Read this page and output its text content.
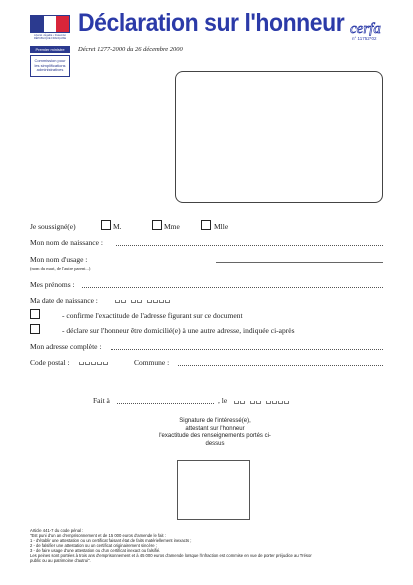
Liberté • Égalité • Fraternité RÉPUBLIQUE FRANÇAISE
Premier ministre
Commission pour
les simplifications
administratives
Déclaration sur l'honneur
Décret 1277-2000 du 26 décembre 2000
cerfa
n° 11752*02
Je soussigné(e)	M.	Mme	Mlle
Mon nom de naissance :
Mon nom d'usage :
(nom du mari, de l'autre parent...)
Mes prénoms :
Ma date de naissance :
- confirme l'exactitude de l'adresse figurant sur ce document
- déclare sur l'honneur être domicilié(e) à une autre adresse, indiquée ci-après
Mon adresse complète :
Code postal :	Commune :
Fait à	, le
Signature de l'intéressé(e),
attestant sur l'honneur
l'exactitude des renseignements portés ci-dessus
Article 441-7 du code pénal :
"Est puni d'un an d'emprisonnement et de 15 000 euros d'amende le fait :
1 - d'établir une attestation ou un certificat faisant état de faits matériellement inexacts ;
2 - de falsifier une attestation ou un certificat originairement sincère ;
3 - de faire usage d'une attestation ou d'un certificat inexact ou falsifié.
Les peines sont portées à trois ans d'emprisonnement et à 45 000 euros d'amende lorsque l'infraction est commise en vue de porter préjudice au Trésor
public ou au patrimoine d'autrui".
